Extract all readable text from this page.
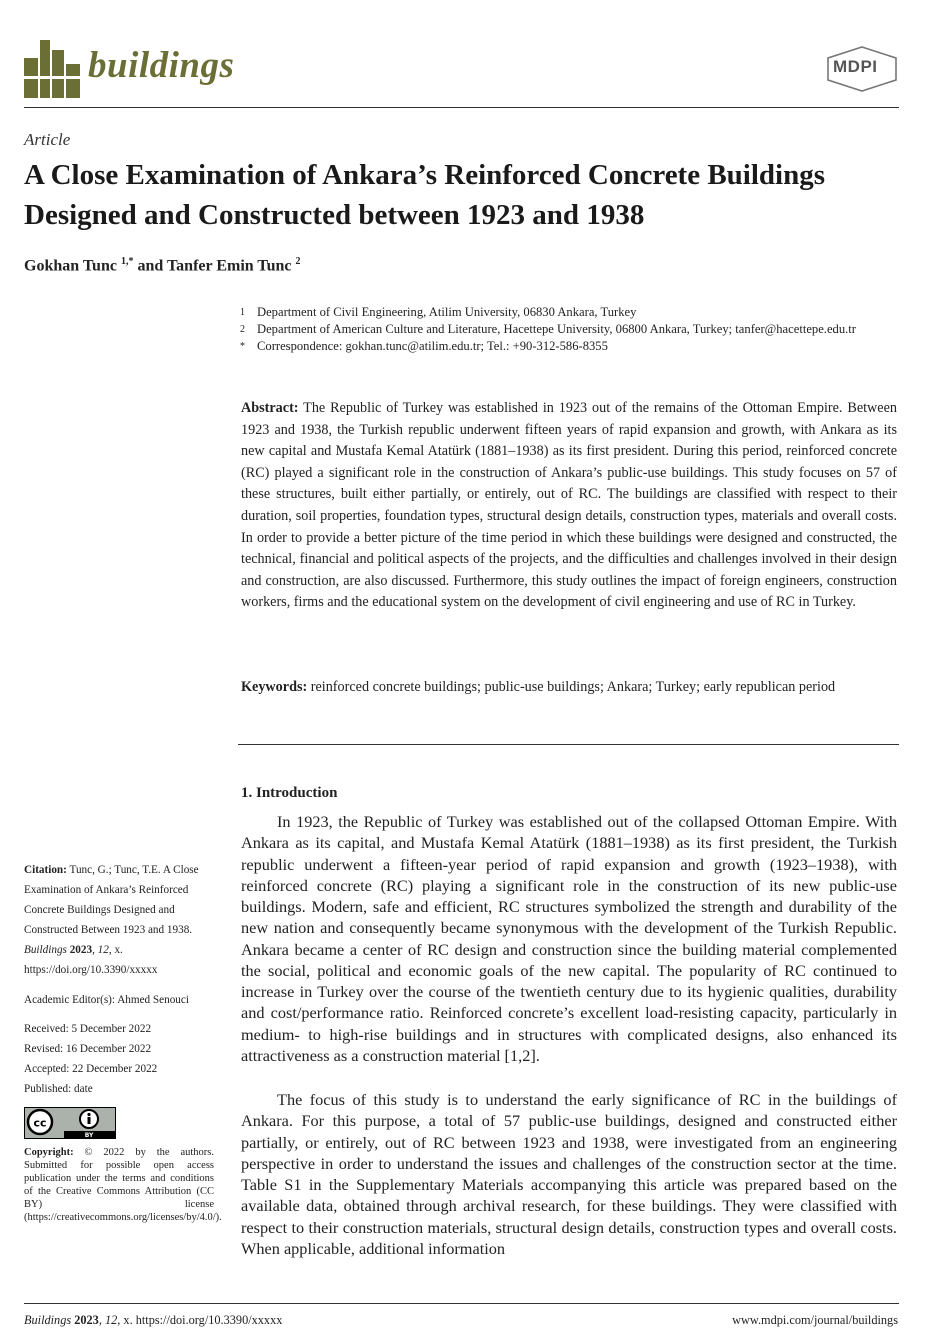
buildings	MDPI
Article
A Close Examination of Ankara’s Reinforced Concrete Buildings Designed and Constructed between 1923 and 1938
Gokhan Tunc $^{1,*}$ and Tanfer Emin Tunc $^2$
1 Department of Civil Engineering, Atilim University, 06830 Ankara, Turkey
2 Department of American Culture and Literature, Hacettepe University, 06800 Ankara, Turkey; tanfer@hacettepe.edu.tr
* Correspondence: gokhan.tunc@atilim.edu.tr; Tel.: +90-312-586-8355
Abstract: The Republic of Turkey was established in 1923 out of the remains of the Ottoman Empire. Between 1923 and 1938, the Turkish republic underwent fifteen years of rapid expansion and growth, with Ankara as its new capital and Mustafa Kemal Atatürk (1881–1938) as its first president. During this period, reinforced concrete (RC) played a significant role in the construction of Ankara’s public-use buildings. This study focuses on 57 of these structures, built either partially, or entirely, out of RC. The buildings are classified with respect to their duration, soil properties, foundation types, structural design details, construction types, materials and overall costs. In order to provide a better picture of the time period in which these buildings were designed and constructed, the technical, financial and political aspects of the projects, and the difficulties and challenges involved in their design and construction, are also discussed. Furthermore, this study outlines the impact of foreign engineers, construction workers, firms and the educational system on the development of civil engineering and use of RC in Turkey.
Keywords: reinforced concrete buildings; public-use buildings; Ankara; Turkey; early republican period
1. Introduction
In 1923, the Republic of Turkey was established out of the collapsed Ottoman Empire. With Ankara as its capital, and Mustafa Kemal Atatürk (1881–1938) as its first president, the Turkish republic underwent a fifteen-year period of rapid expansion and growth (1923–1938), with reinforced concrete (RC) playing a significant role in the construction of its new public-use buildings. Modern, safe and efficient, RC structures symbolized the strength and durability of the new nation and consequently became synonymous with the development of the Turkish Republic. Ankara became a center of RC design and construction since the building material complemented the social, political and economic goals of the new capital. The popularity of RC continued to increase in Turkey over the course of the twentieth century due to its hygienic qualities, durability and cost/performance ratio. Reinforced concrete’s excellent load-resisting capacity, particularly in medium- to high-rise buildings and in structures with complicated designs, also enhanced its attractiveness as a construction material [1,2].
The focus of this study is to understand the early significance of RC in the buildings of Ankara. For this purpose, a total of 57 public-use buildings, designed and constructed either partially, or entirely, out of RC between 1923 and 1938, were investigated from an engineering perspective in order to understand the issues and challenges of the construction sector at the time. Table S1 in the Supplementary Materials accompanying this article was prepared based on the available data, obtained through archival research, for these buildings. They were classified with respect to their construction materials, structural design details, construction types and overall costs. When applicable, additional information
Citation: Tunc, G.; Tunc, T.E. A Close Examination of Ankara’s Reinforced Concrete Buildings Designed and Constructed Between 1923 and 1938. Buildings 2023, 12, x. https://doi.org/10.3390/xxxxx
Academic Editor(s): Ahmed Senouci
Received: 5 December 2022
Revised: 16 December 2022
Accepted: 22 December 2022
Published: date
cc
BY
Copyright: © 2022 by the authors. Submitted for possible open access publication under the terms and conditions of the Creative Commons Attribution (CC BY) license (https://creativecommons.org/licenses/by/4.0/).
Buildings 2023, 12, x. https://doi.org/10.3390/xxxxx	www.mdpi.com/journal/buildings
